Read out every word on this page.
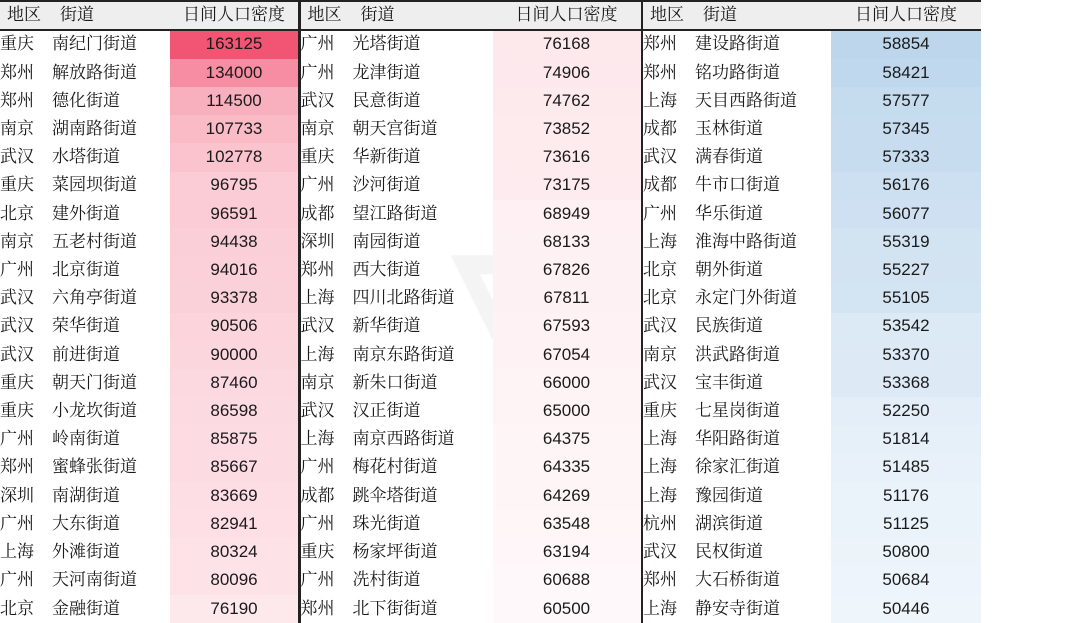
地区	街道	日间人口密度
重庆	南纪门街道	163125
郑州	解放路街道	134000
郑州	德化街道	114500
南京	湖南路街道	107733
武汉	水塔街道	102778
重庆	菜园坝街道	96795
北京	建外街道	96591
南京	五老村街道	94438
广州	北京街道	94016
武汉	六角亭街道	93378
武汉	荣华街道	90506
武汉	前进街道	90000
重庆	朝天门街道	87460
重庆	小龙坎街道	86598
广州	岭南街道	85875
郑州	蜜蜂张街道	85667
深圳	南湖街道	83669
广州	大东街道	82941
上海	外滩街道	80324
广州	天河南街道	80096
北京	金融街道	76190
地区	街道	日间人口密度
广州	光塔街道	76168
广州	龙津街道	74906
武汉	民意街道	74762
南京	朝天宫街道	73852
重庆	华新街道	73616
广州	沙河街道	73175
成都	望江路街道	68949
深圳	南园街道	68133
郑州	西大街道	67826
上海	四川北路街道	67811
武汉	新华街道	67593
上海	南京东路街道	67054
南京	新朱口街道	66000
武汉	汉正街道	65000
上海	南京西路街道	64375
广州	梅花村街道	64335
成都	跳伞塔街道	64269
广州	珠光街道	63548
重庆	杨家坪街道	63194
广州	冼村街道	60688
郑州	北下街街道	60500
地区	街道	日间人口密度
郑州	建设路街道	58854
郑州	铭功路街道	58421
上海	天目西路街道	57577
成都	玉林街道	57345
武汉	满春街道	57333
成都	牛市口街道	56176
广州	华乐街道	56077
上海	淮海中路街道	55319
北京	朝外街道	55227
北京	永定门外街道	55105
武汉	民族街道	53542
南京	洪武路街道	53370
武汉	宝丰街道	53368
重庆	七星岗街道	52250
上海	华阳路街道	51814
上海	徐家汇街道	51485
上海	豫园街道	51176
杭州	湖滨街道	51125
武汉	民权街道	50800
郑州	大石桥街道	50684
上海	静安寺街道	50446
